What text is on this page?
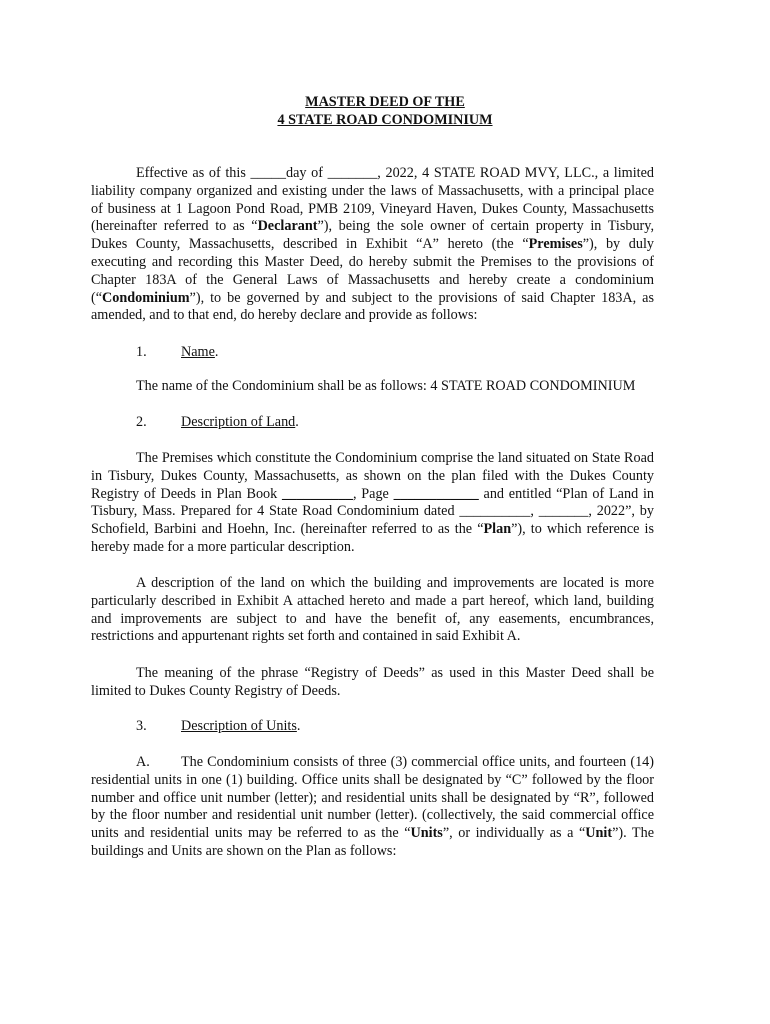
MASTER DEED OF THE
4 STATE ROAD CONDOMINIUM
Effective as of this _____day of _______, 2022, 4 STATE ROAD MVY, LLC., a limited liability company organized and existing under the laws of Massachusetts, with a principal place of business at 1 Lagoon Pond Road, PMB 2109, Vineyard Haven, Dukes County, Massachusetts (hereinafter referred to as “Declarant”), being the sole owner of certain property in Tisbury, Dukes County, Massachusetts, described in Exhibit “A” hereto (the “Premises”), by duly executing and recording this Master Deed, do hereby submit the Premises to the provisions of Chapter 183A of the General Laws of Massachusetts and hereby create a condominium (“Condominium”), to be governed by and subject to the provisions of said Chapter 183A, as amended, and to that end, do hereby declare and provide as follows:
1. Name.
The name of the Condominium shall be as follows: 4 STATE ROAD CONDOMINIUM
2. Description of Land.
The Premises which constitute the Condominium comprise the land situated on State Road in Tisbury, Dukes County, Massachusetts, as shown on the plan filed with the Dukes County Registry of Deeds in Plan Book __________, Page ____________ and entitled “Plan of Land in Tisbury, Mass. Prepared for 4 State Road Condominium dated __________, _______, 2022”, by Schofield, Barbini and Hoehn, Inc. (hereinafter referred to as the “Plan”), to which reference is hereby made for a more particular description.
A description of the land on which the building and improvements are located is more particularly described in Exhibit A attached hereto and made a part hereof, which land, building and improvements are subject to and have the benefit of, any easements, encumbrances, restrictions and appurtenant rights set forth and contained in said Exhibit A.
The meaning of the phrase “Registry of Deeds” as used in this Master Deed shall be limited to Dukes County Registry of Deeds.
3. Description of Units.
A. The Condominium consists of three (3) commercial office units, and fourteen (14) residential units in one (1) building. Office units shall be designated by “C” followed by the floor number and office unit number (letter); and residential units shall be designated by “R”, followed by the floor number and residential unit number (letter). (collectively, the said commercial office units and residential units may be referred to as the “Units”, or individually as a “Unit”). The buildings and Units are shown on the Plan as follows:
